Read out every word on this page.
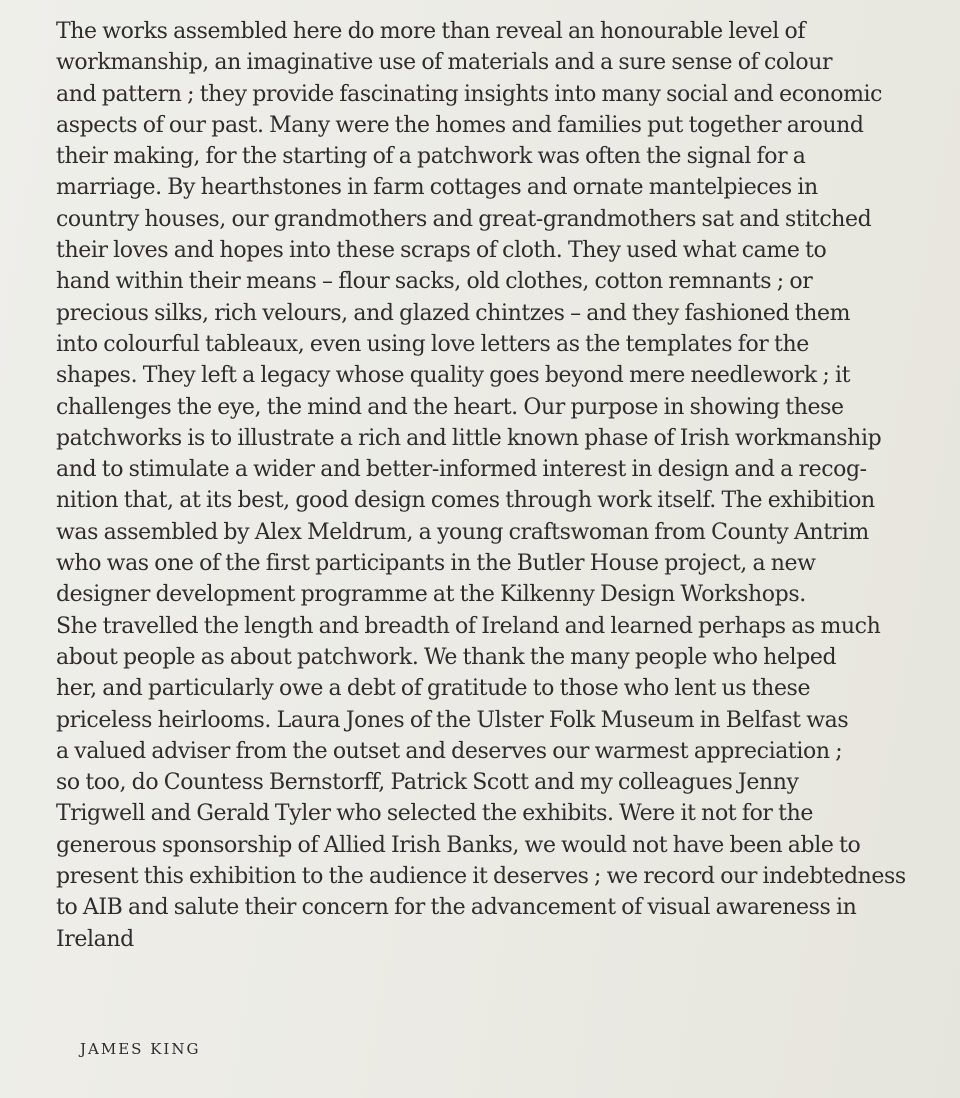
The works assembled here do more than reveal an honourable level of
workmanship, an imaginative use of materials and a sure sense of colour
and pattern ; they provide fascinating insights into many social and economic
aspects of our past. Many were the homes and families put together around
their making, for the starting of a patchwork was often the signal for a
marriage. By hearthstones in farm cottages and ornate mantelpieces in
country houses, our grandmothers and great-grandmothers sat and stitched
their loves and hopes into these scraps of cloth. They used what came to
hand within their means – flour sacks, old clothes, cotton remnants ; or
precious silks, rich velours, and glazed chintzes – and they fashioned them
into colourful tableaux, even using love letters as the templates for the
shapes. They left a legacy whose quality goes beyond mere needlework ; it
challenges the eye, the mind and the heart. Our purpose in showing these
patchworks is to illustrate a rich and little known phase of Irish workmanship
and to stimulate a wider and better-informed interest in design and a recog-
nition that, at its best, good design comes through work itself. The exhibition
was assembled by Alex Meldrum, a young craftswoman from County Antrim
who was one of the first participants in the Butler House project, a new
designer development programme at the Kilkenny Design Workshops.
She travelled the length and breadth of Ireland and learned perhaps as much
about people as about patchwork. We thank the many people who helped
her, and particularly owe a debt of gratitude to those who lent us these
priceless heirlooms. Laura Jones of the Ulster Folk Museum in Belfast was
a valued adviser from the outset and deserves our warmest appreciation ;
so too, do Countess Bernstorff, Patrick Scott and my colleagues Jenny
Trigwell and Gerald Tyler who selected the exhibits. Were it not for the
generous sponsorship of Allied Irish Banks, we would not have been able to
present this exhibition to the audience it deserves ; we record our indebtedness
to AIB and salute their concern for the advancement of visual awareness in
Ireland
JAMES KING
